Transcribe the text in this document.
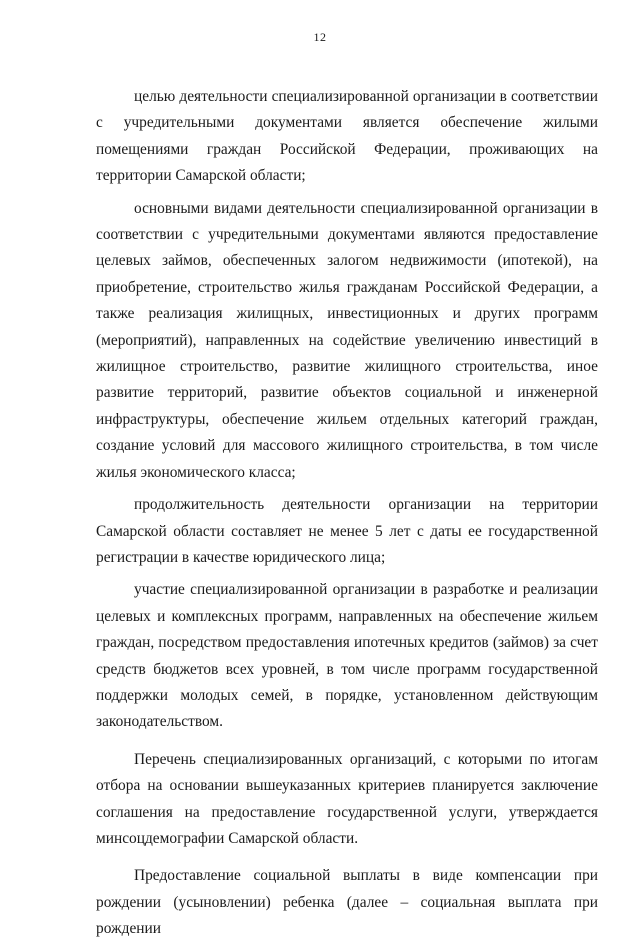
12

целью деятельности специализированной организации в соответствии с учредительными документами является обеспечение жилыми помещениями граждан Российской Федерации, проживающих на территории Самарской области;

основными видами деятельности специализированной организации в соответствии с учредительными документами являются предоставление целевых займов, обеспеченных залогом недвижимости (ипотекой), на приобретение, строительство жилья гражданам Российской Федерации, а также реализация жилищных, инвестиционных и других программ (мероприятий), направленных на содействие увеличению инвестиций в жилищное строительство, развитие жилищного строительства, иное развитие территорий, развитие объектов социальной и инженерной инфраструктуры, обеспечение жильем отдельных категорий граждан, создание условий для массового жилищного строительства, в том числе жилья экономического класса;

продолжительность деятельности организации на территории Самарской области составляет не менее 5 лет с даты ее государственной регистрации в качестве юридического лица;

участие специализированной организации в разработке и реализации целевых и комплексных программ, направленных на обеспечение жильем граждан, посредством предоставления ипотечных кредитов (займов) за счет средств бюджетов всех уровней, в том числе программ государственной поддержки молодых семей, в порядке, установленном действующим законодательством.

Перечень специализированных организаций, с которыми по итогам отбора на основании вышеуказанных критериев планируется заключение соглашения на предоставление государственной услуги, утверждается минсоцдемографии Самарской области.

Предоставление социальной выплаты в виде компенсации при рождении (усыновлении) ребенка (далее – социальная выплата при рождении
